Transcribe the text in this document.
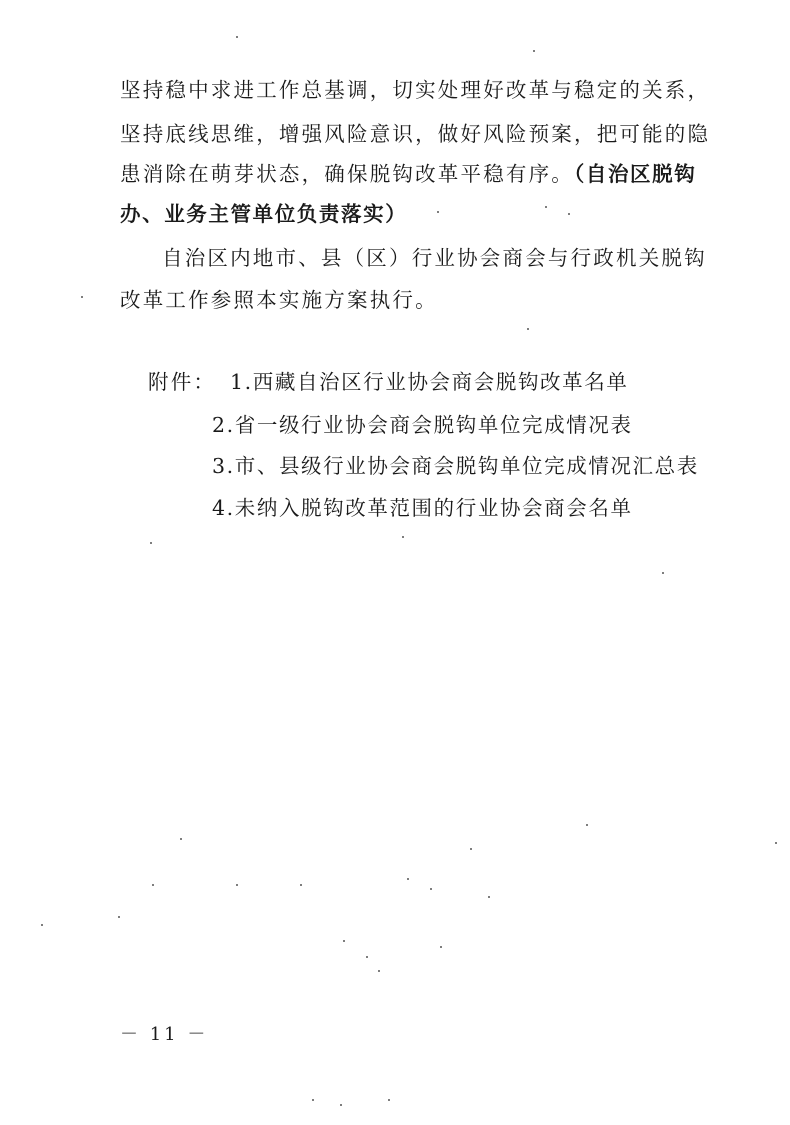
坚持稳中求进工作总基调，切实处理好改革与稳定的关系，
坚持底线思维，增强风险意识，做好风险预案，把可能的隐
患消除在萌芽状态，确保脱钩改革平稳有序。（自治区脱钩
办、业务主管单位负责落实）
自治区内地市、县（区）行业协会商会与行政机关脱钩
改革工作参照本实施方案执行。
附件： 1.西藏自治区行业协会商会脱钩改革名单
2.省一级行业协会商会脱钩单位完成情况表
3.市、县级行业协会商会脱钩单位完成情况汇总表
4.未纳入脱钩改革范围的行业协会商会名单
－ 11 －
